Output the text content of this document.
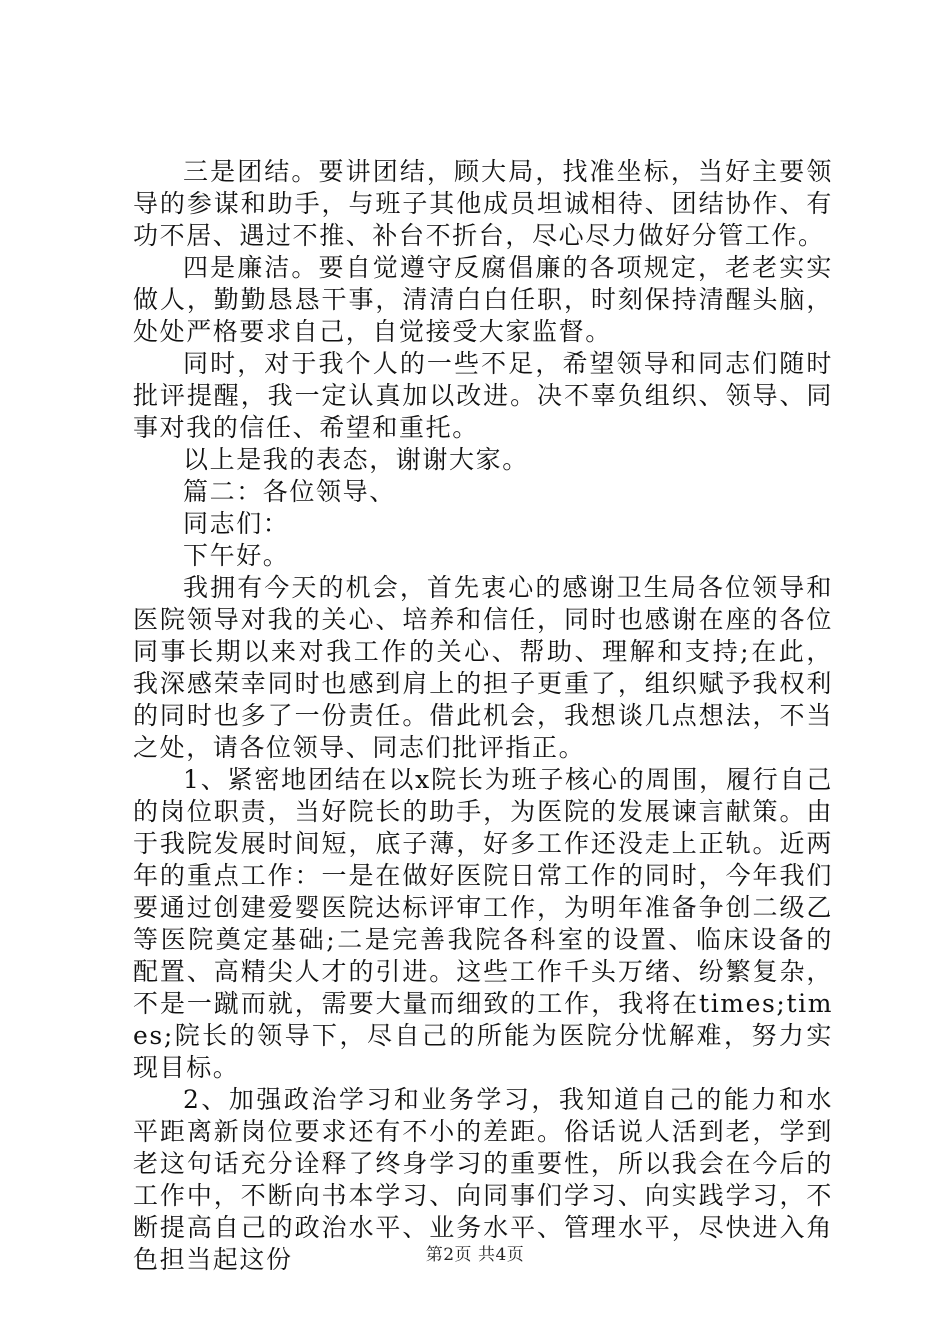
三是团结。要讲团结，顾大局，找准坐标，当好主要领导的参谋和助手，与班子其他成员坦诚相待、团结协作、有功不居、遇过不推、补台不折台，尽心尽力做好分管工作。

四是廉洁。要自觉遵守反腐倡廉的各项规定，老老实实做人，勤勤恳恳干事，清清白白任职，时刻保持清醒头脑，处处严格要求自己，自觉接受大家监督。

同时，对于我个人的一些不足，希望领导和同志们随时批评提醒，我一定认真加以改进。决不辜负组织、领导、同事对我的信任、希望和重托。

以上是我的表态，谢谢大家。

篇二：各位领导、

同志们：

下午好。

我拥有今天的机会，首先衷心的感谢卫生局各位领导和医院领导对我的关心、培养和信任，同时也感谢在座的各位同事长期以来对我工作的关心、帮助、理解和支持;在此，我深感荣幸同时也感到肩上的担子更重了，组织赋予我权利的同时也多了一份责任。借此机会，我想谈几点想法，不当之处，请各位领导、同志们批评指正。

1、紧密地团结在以x院长为班子核心的周围，履行自己的岗位职责，当好院长的助手，为医院的发展谏言献策。由于我院发展时间短，底子薄，好多工作还没走上正轨。近两年的重点工作：一是在做好医院日常工作的同时，今年我们要通过创建爱婴医院达标评审工作，为明年准备争创二级乙等医院奠定基础;二是完善我院各科室的设置、临床设备的配置、高精尖人才的引进。这些工作千头万绪、纷繁复杂，不是一蹴而就，需要大量而细致的工作，我将在times;times;院长的领导下，尽自己的所能为医院分忧解难，努力实现目标。

2、加强政治学习和业务学习，我知道自己的能力和水平距离新岗位要求还有不小的差距。俗话说人活到老，学到老这句话充分诠释了终身学习的重要性，所以我会在今后的工作中，不断向书本学习、向同事们学习、向实践学习，不断提高自己的政治水平、业务水平、管理水平，尽快进入角色担当起这份	第2页 共4页
